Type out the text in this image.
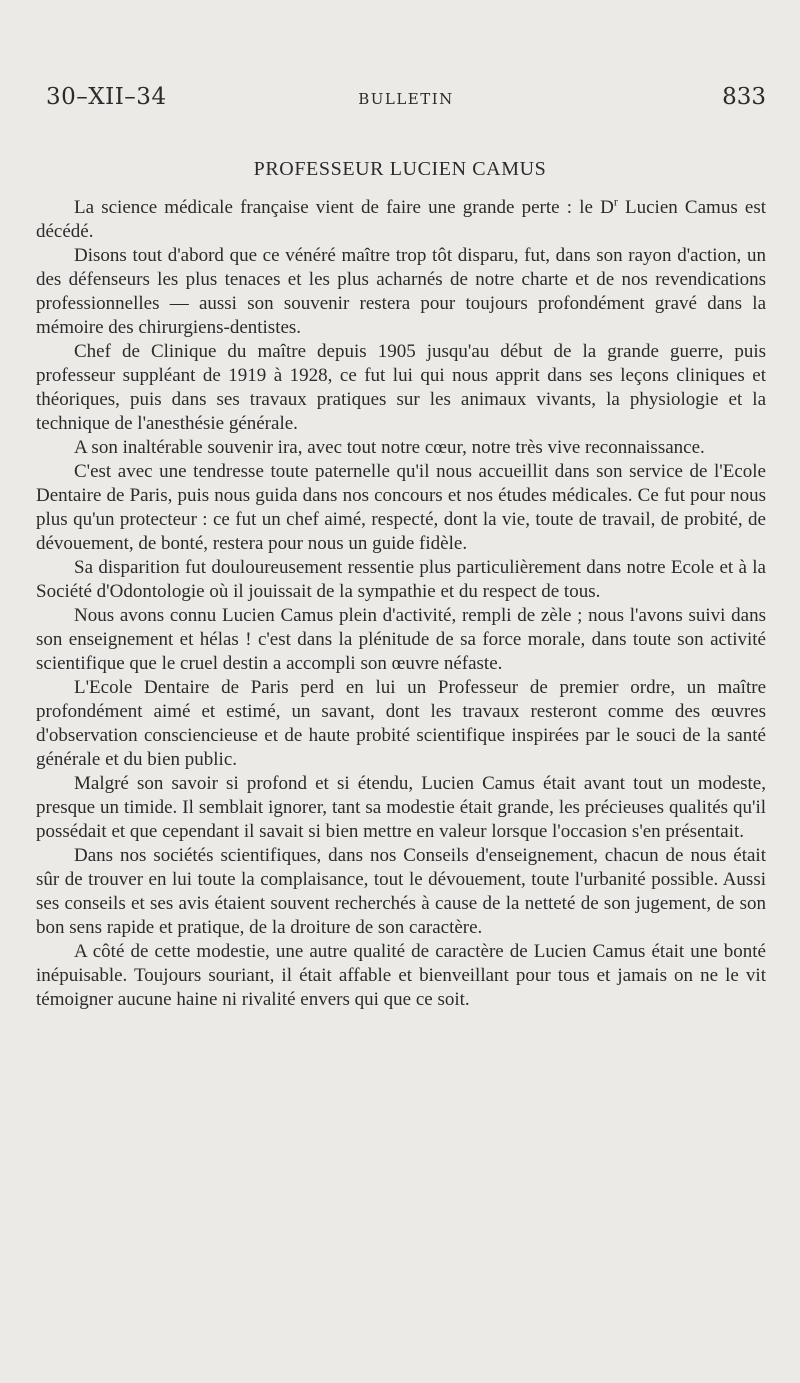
30–XII–34	BULLETIN	833
PROFESSEUR LUCIEN CAMUS

La science médicale française vient de faire une grande perte : le $D^r$ Lucien Camus est décédé.

Disons tout d'abord que ce vénéré maître trop tôt disparu, fut, dans son rayon d'action, un des défenseurs les plus tenaces et les plus acharnés de notre charte et de nos revendications professionnelles — aussi son souvenir restera pour toujours profondément gravé dans la mémoire des chirurgiens-dentistes.

Chef de Clinique du maître depuis 1905 jusqu'au début de la grande guerre, puis professeur suppléant de 1919 à 1928, ce fut lui qui nous apprit dans ses leçons cliniques et théoriques, puis dans ses travaux pratiques sur les animaux vivants, la physiologie et la technique de l'anesthésie générale.

A son inaltérable souvenir ira, avec tout notre cœur, notre très vive reconnaissance.

C'est avec une tendresse toute paternelle qu'il nous accueillit dans son service de l'Ecole Dentaire de Paris, puis nous guida dans nos concours et nos études médicales. Ce fut pour nous plus qu'un protecteur : ce fut un chef aimé, respecté, dont la vie, toute de travail, de probité, de dévouement, de bonté, restera pour nous un guide fidèle.

Sa disparition fut douloureusement ressentie plus particulièrement dans notre Ecole et à la Société d'Odontologie où il jouissait de la sympathie et du respect de tous.

Nous avons connu Lucien Camus plein d'activité, rempli de zèle ; nous l'avons suivi dans son enseignement et hélas ! c'est dans la plénitude de sa force morale, dans toute son activité scientifique que le cruel destin a accompli son œuvre néfaste.

L'Ecole Dentaire de Paris perd en lui un Professeur de premier ordre, un maître profondément aimé et estimé, un savant, dont les travaux resteront comme des œuvres d'observation consciencieuse et de haute probité scientifique inspirées par le souci de la santé générale et du bien public.

Malgré son savoir si profond et si étendu, Lucien Camus était avant tout un modeste, presque un timide. Il semblait ignorer, tant sa modestie était grande, les précieuses qualités qu'il possédait et que cependant il savait si bien mettre en valeur lorsque l'occasion s'en présentait.

Dans nos sociétés scientifiques, dans nos Conseils d'enseignement, chacun de nous était sûr de trouver en lui toute la complaisance, tout le dévouement, toute l'urbanité possible. Aussi ses conseils et ses avis étaient souvent recherchés à cause de la netteté de son jugement, de son bon sens rapide et pratique, de la droiture de son caractère.

A côté de cette modestie, une autre qualité de caractère de Lucien Camus était une bonté inépuisable. Toujours souriant, il était affable et bienveillant pour tous et jamais on ne le vit témoigner aucune haine ni rivalité envers qui que ce soit.
